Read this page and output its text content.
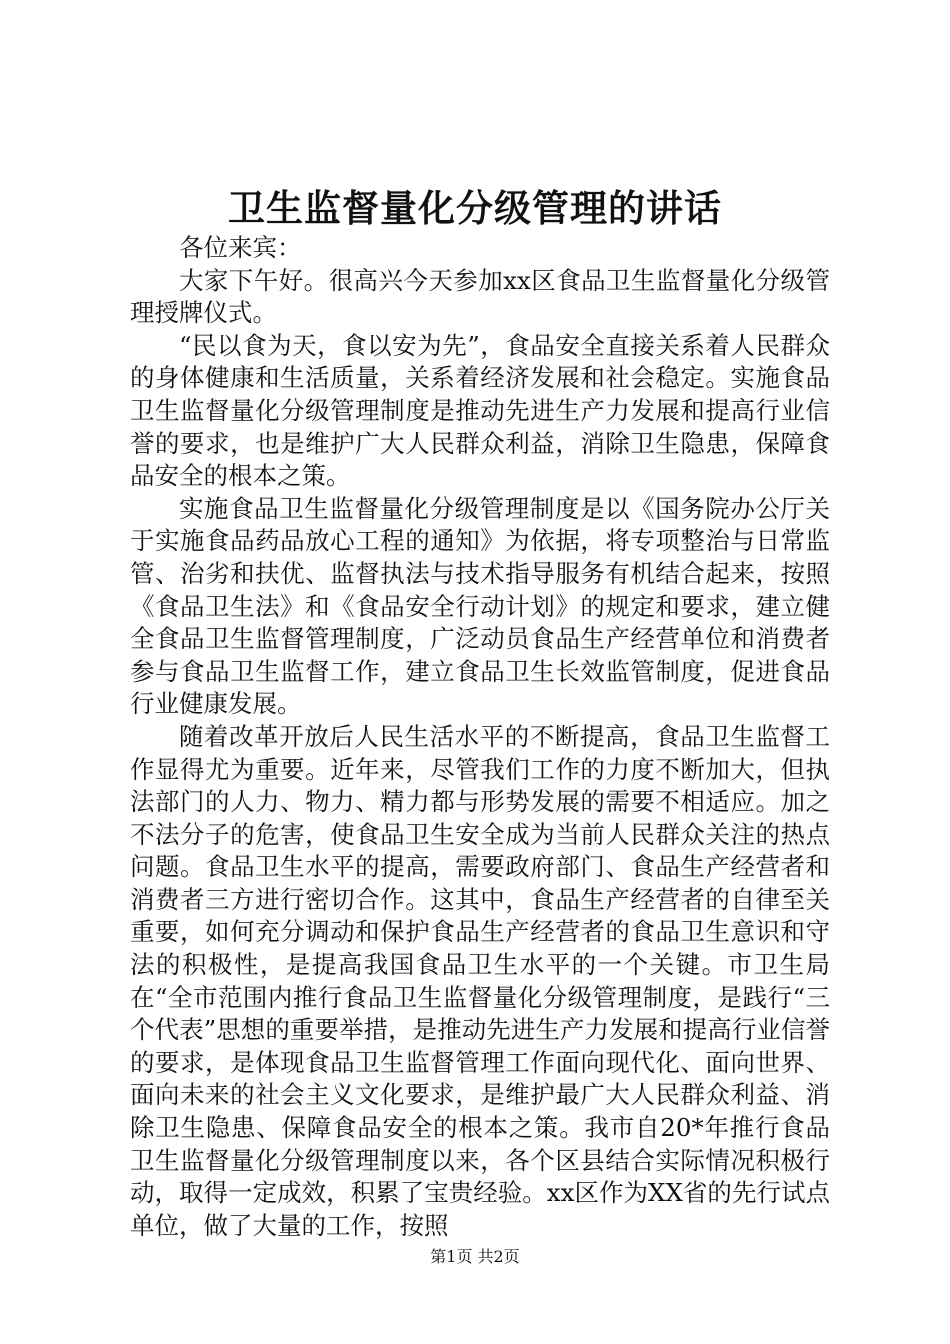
卫生监督量化分级管理的讲话

各位来宾：

大家下午好。很高兴今天参加xx区食品卫生监督量化分级管理授牌仪式。

“民以食为天，食以安为先”，食品安全直接关系着人民群众的身体健康和生活质量，关系着经济发展和社会稳定。实施食品卫生监督量化分级管理制度是推动先进生产力发展和提高行业信誉的要求，也是维护广大人民群众利益，消除卫生隐患，保障食品安全的根本之策。

实施食品卫生监督量化分级管理制度是以《国务院办公厅关于实施食品药品放心工程的通知》为依据，将专项整治与日常监管、治劣和扶优、监督执法与技术指导服务有机结合起来，按照《食品卫生法》和《食品安全行动计划》的规定和要求，建立健全食品卫生监督管理制度，广泛动员食品生产经营单位和消费者参与食品卫生监督工作，建立食品卫生长效监管制度，促进食品行业健康发展。

随着改革开放后人民生活水平的不断提高，食品卫生监督工作显得尤为重要。近年来，尽管我们工作的力度不断加大，但执法部门的人力、物力、精力都与形势发展的需要不相适应。加之不法分子的危害，使食品卫生安全成为当前人民群众关注的热点问题。食品卫生水平的提高，需要政府部门、食品生产经营者和消费者三方进行密切合作。这其中，食品生产经营者的自律至关重要，如何充分调动和保护食品生产经营者的食品卫生意识和守法的积极性，是提高我国食品卫生水平的一个关键。市卫生局在“全市范围内推行食品卫生监督量化分级管理制度，是践行“三个代表”思想的重要举措，是推动先进生产力发展和提高行业信誉的要求，是体现食品卫生监督管理工作面向现代化、面向世界、面向未来的社会主义文化要求，是维护最广大人民群众利益、消除卫生隐患、保障食品安全的根本之策。我市自20*年推行食品卫生监督量化分级管理制度以来，各个区县结合实际情况积极行动，取得一定成效，积累了宝贵经验。xx区作为XX省的先行试点单位，做了大量的工作，按照

第1页 共2页
